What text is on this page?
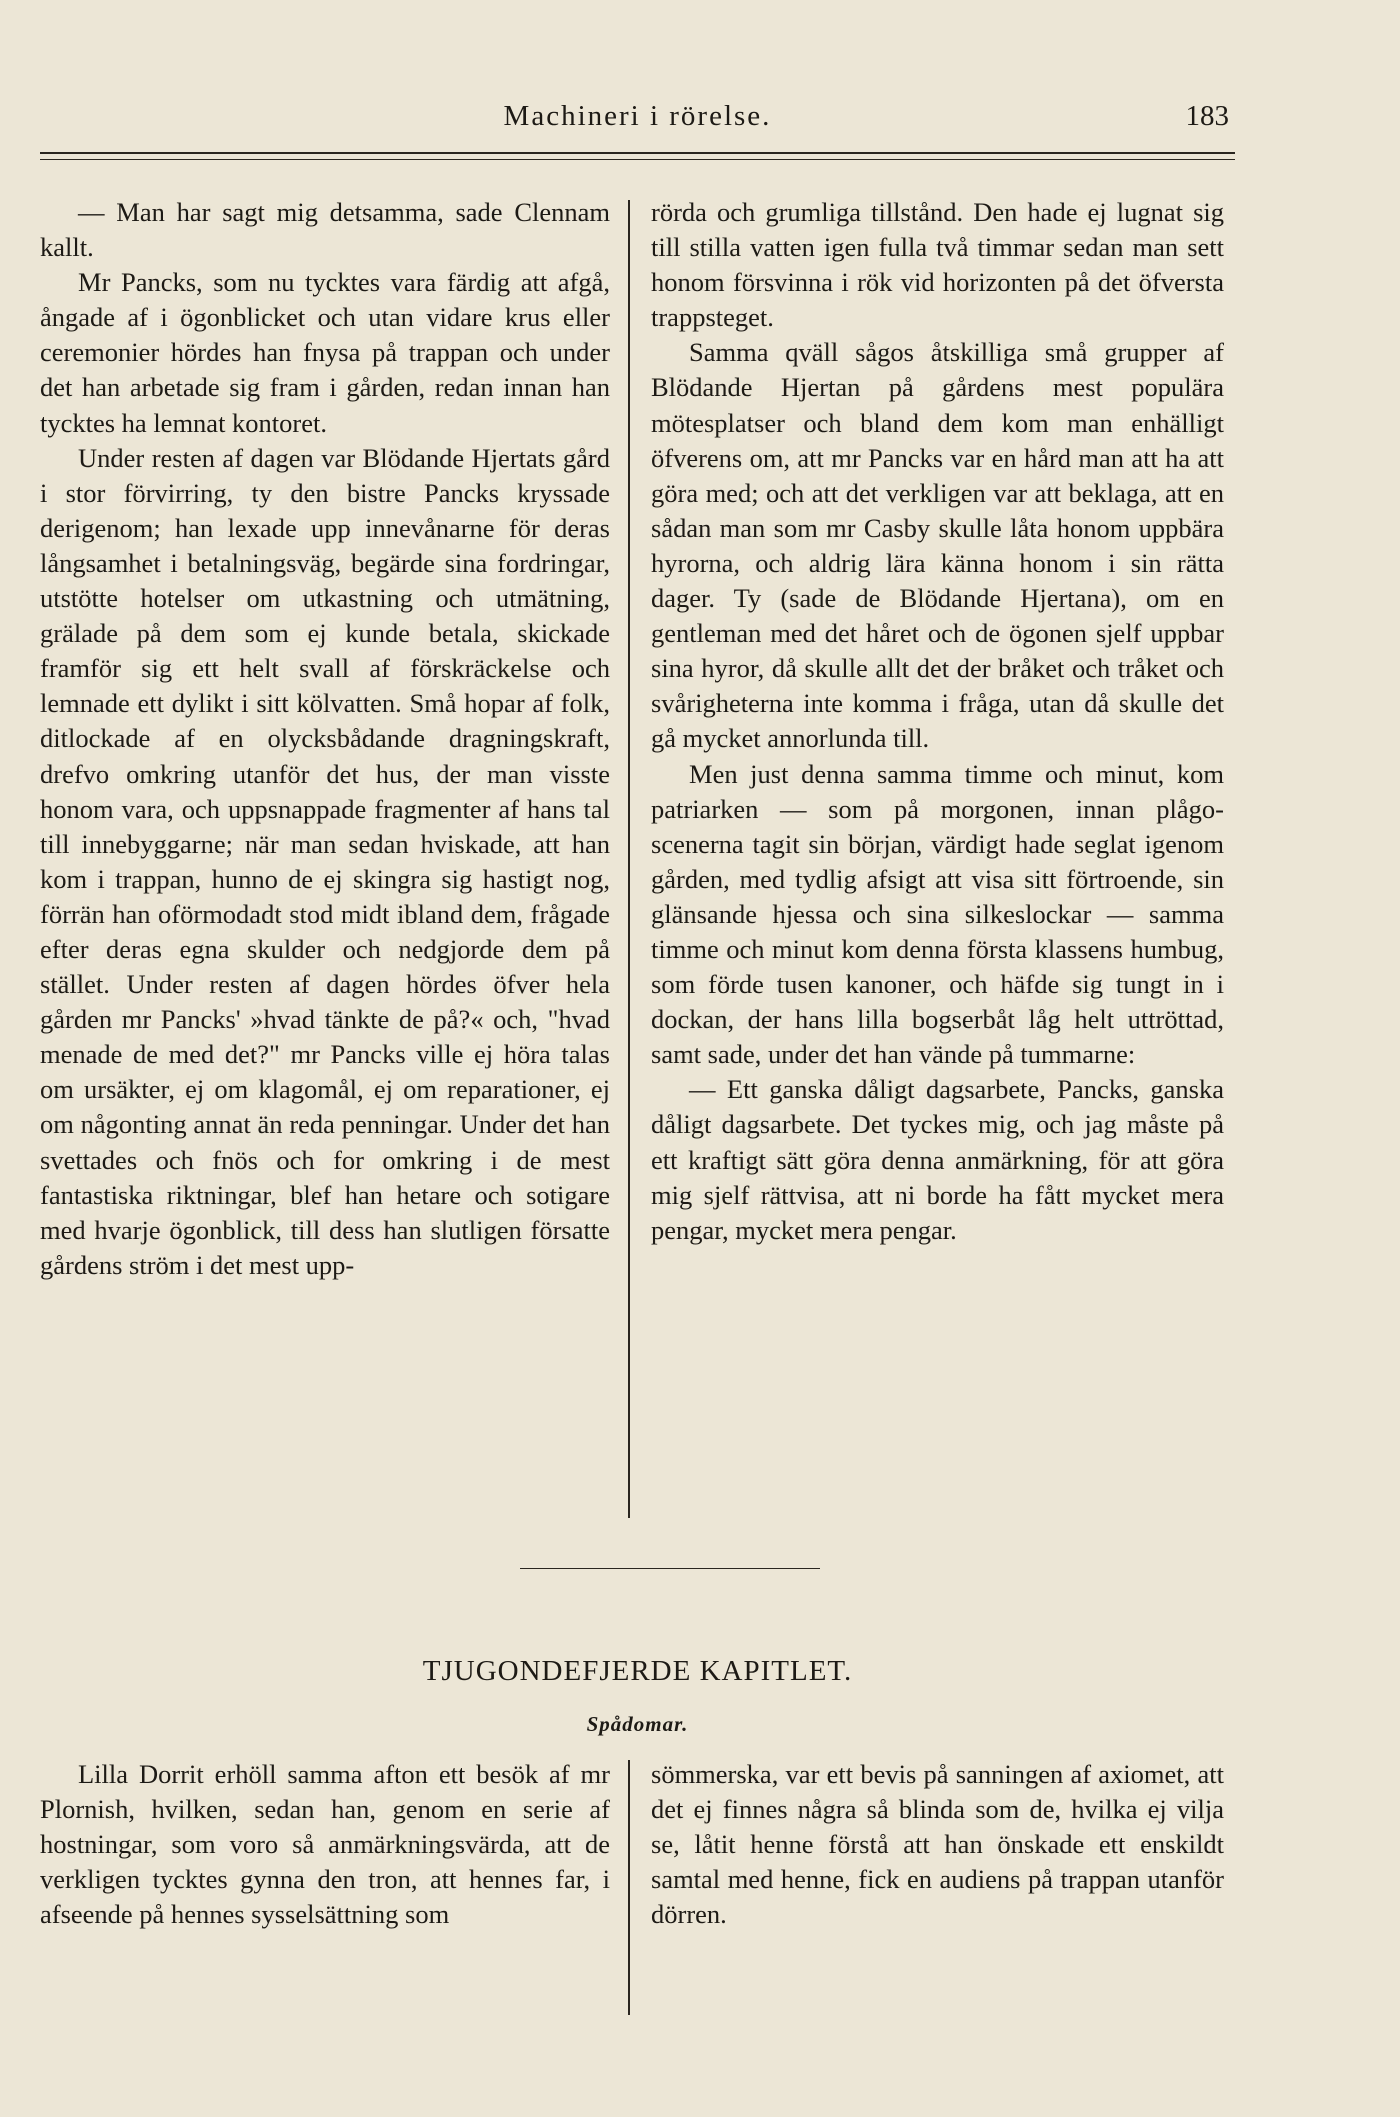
Machineri i rörelse.	183

— Man har sagt mig detsamma, sade Clennam kallt.

Mr Pancks, som nu tycktes vara färdig att afgå, ångade af i ögonblicket och utan vidare krus eller ceremonier hördes han fnysa på trappan och under det han arbetade sig fram i gården, redan innan han tycktes ha lemnat kontoret.

Under resten af dagen var Blödande Hjertats gård i stor förvirring, ty den bistre Pancks kryssade derigenom; han lexade upp innevånarne för deras långsamhet i betalningsväg, begärde sina fordringar, utstötte hotelser om utkastning och utmätning, grälade på dem som ej kunde betala, skickade framför sig ett helt svall af förskräckelse och lemnade ett dylikt i sitt kölvatten. Små hopar af folk, ditlockade af en olycksbådande dragningskraft, drefvo omkring utanför det hus, der man visste honom vara, och uppsnappade fragmenter af hans tal till innebyggarne; när man sedan hviskade, att han kom i trappan, hunno de ej skingra sig hastigt nog, förrän han oförmodadt stod midt ibland dem, frågade efter deras egna skulder och nedgjorde dem på stället. Under resten af dagen hördes öfver hela gården mr Pancks' »hvad tänkte de på?« och, "hvad menade de med det?" mr Pancks ville ej höra talas om ursäkter, ej om klagomål, ej om reparationer, ej om någonting annat än reda penningar. Under det han svettades och fnös och for omkring i de mest fantastiska riktningar, blef han hetare och sotigare med hvarje ögonblick, till dess han slutligen försatte gårdens ström i det mest upp-

rörda och grumliga tillstånd. Den hade ej lugnat sig till stilla vatten igen fulla två timmar sedan man sett honom försvinna i rök vid horizonten på det öfversta trappsteget.

Samma qväll sågos åtskilliga små grupper af Blödande Hjertan på gårdens mest populära mötesplatser och bland dem kom man enhälligt öfverens om, att mr Pancks var en hård man att ha att göra med; och att det verkligen var att beklaga, att en sådan man som mr Casby skulle låta honom uppbära hyrorna, och aldrig lära känna honom i sin rätta dager. Ty (sade de Blödande Hjertana), om en gentleman med det håret och de ögonen sjelf uppbar sina hyror, då skulle allt det der bråket och tråket och svårigheterna inte komma i fråga, utan då skulle det gå mycket annorlunda till.

Men just denna samma timme och minut, kom patriarken — som på morgonen, innan plågo-scenerna tagit sin början, värdigt hade seglat igenom gården, med tydlig afsigt att visa sitt förtroende, sin glänsande hjessa och sina silkeslockar — samma timme och minut kom denna första klassens humbug, som förde tusen kanoner, och häfde sig tungt in i dockan, der hans lilla bogserbåt låg helt uttröttad, samt sade, under det han vände på tummarne:

— Ett ganska dåligt dagsarbete, Pancks, ganska dåligt dagsarbete. Det tyckes mig, och jag måste på ett kraftigt sätt göra denna anmärkning, för att göra mig sjelf rättvisa, att ni borde ha fått mycket mera pengar, mycket mera pengar.

TJUGONDEFJERDE KAPITLET.
Spådomar.

Lilla Dorrit erhöll samma afton ett besök af mr Plornish, hvilken, sedan han, genom en serie af hostningar, som voro så anmärkningsvärda, att de verkligen tycktes gynna den tron, att hennes far, i afseende på hennes sysselsättning som

sömmerska, var ett bevis på sanningen af axiomet, att det ej finnes några så blinda som de, hvilka ej vilja se, låtit henne förstå att han önskade ett enskildt samtal med henne, fick en audiens på trappan utanför dörren.
